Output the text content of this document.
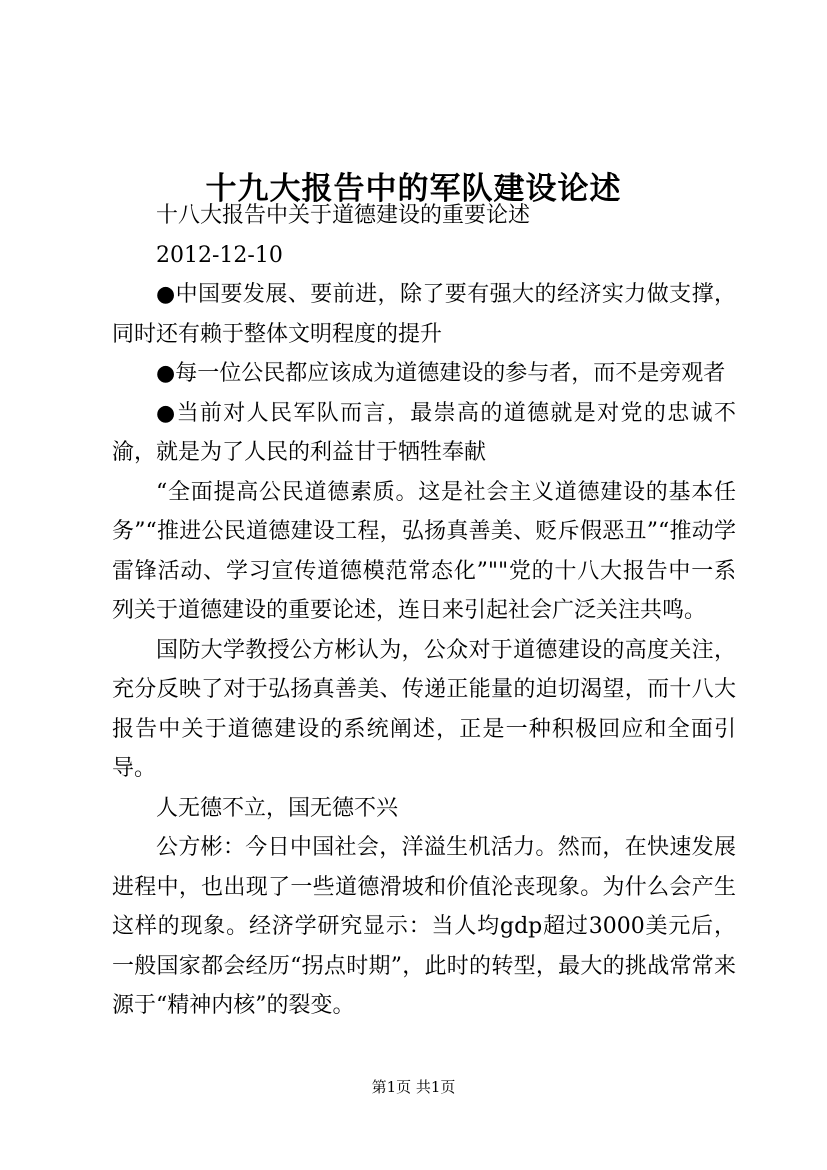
十九大报告中的军队建设论述

十八大报告中关于道德建设的重要论述

2012-12-10

●中国要发展、要前进，除了要有强大的经济实力做支撑，同时还有赖于整体文明程度的提升

●每一位公民都应该成为道德建设的参与者，而不是旁观者

●当前对人民军队而言，最崇高的道德就是对党的忠诚不渝，就是为了人民的利益甘于牺牲奉献

“全面提高公民道德素质。这是社会主义道德建设的基本任务”“推进公民道德建设工程，弘扬真善美、贬斥假恶丑”“推动学雷锋活动、学习宣传道德模范常态化”""党的十八大报告中一系列关于道德建设的重要论述，连日来引起社会广泛关注共鸣。

国防大学教授公方彬认为，公众对于道德建设的高度关注，充分反映了对于弘扬真善美、传递正能量的迫切渴望，而十八大报告中关于道德建设的系统阐述，正是一种积极回应和全面引导。

人无德不立，国无德不兴

公方彬：今日中国社会，洋溢生机活力。然而，在快速发展进程中，也出现了一些道德滑坡和价值沦丧现象。为什么会产生这样的现象。经济学研究显示：当人均gdp超过3000美元后，一般国家都会经历“拐点时期”，此时的转型，最大的挑战常常来源于“精神内核”的裂变。

第1页 共1页
